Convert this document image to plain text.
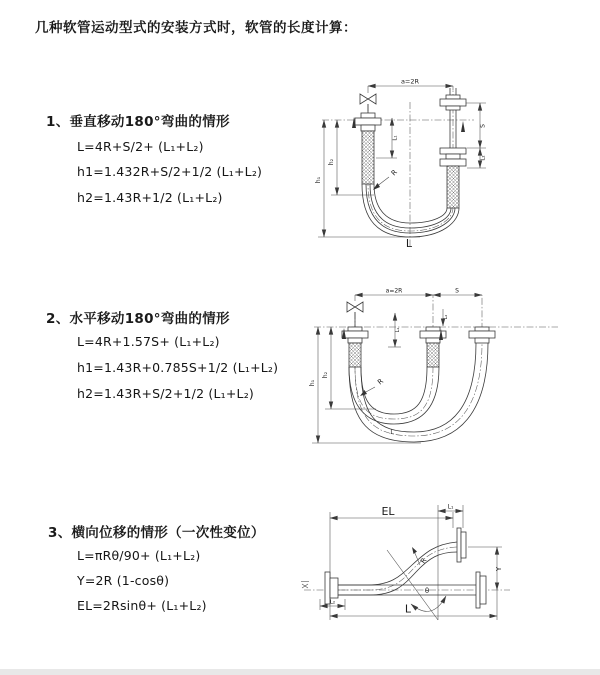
几种软管运动型式的安装方式时，软管的长度计算：
1、垂直移动180°弯曲的情形
L=4R+S/2+ (L₁+L₂)
h1=1.432R+S/2+1/2 (L₁+L₂)
h2=1.43R+1/2 (L₁+L₂)
2、水平移动180°弯曲的情形
L=4R+1.57S+ (L₁+L₂)
h1=1.43R+0.785S+1/2 (L₁+L₂)
h2=1.43R+S/2+1/2 (L₁+L₂)
3、横向位移的情形（一次性变位）
L=πRθ/90+ (L₁+L₂)
Y=2R (1-cosθ)
EL=2Rsinθ+ (L₁+L₂)
a=2R
L₁
S
L₂
h₁
h₂
R
L
a=2R	S
L₁
L₂
h₁
h₂
R
L
EL	L₁
Y
R
θ
L₂	L
